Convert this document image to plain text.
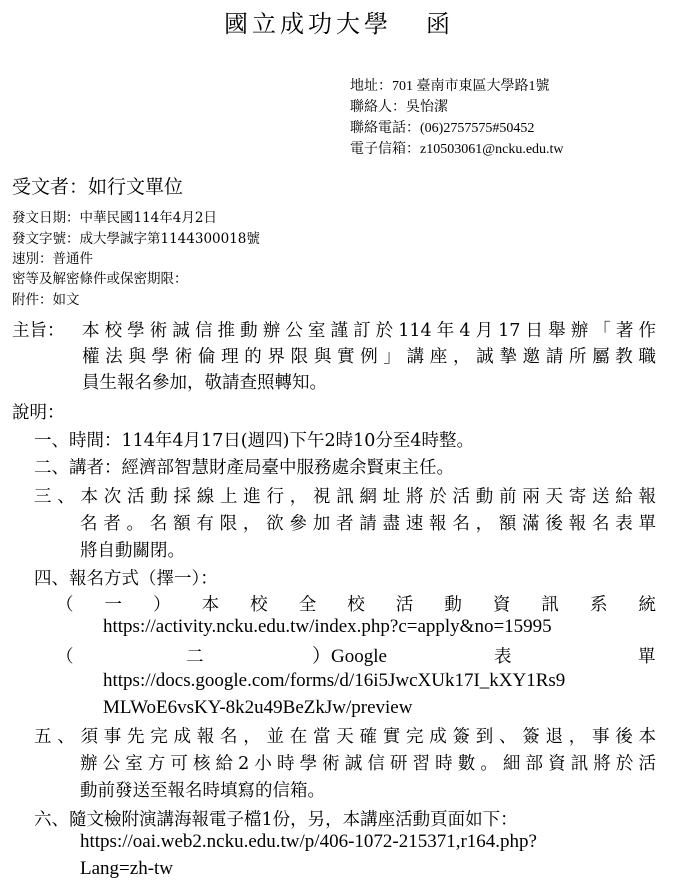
國立成功大學 函
地址：701 臺南市東區大學路1號
聯絡人：吳怡潔
聯絡電話：(06)2757575#50452
電子信箱：z10503061@ncku.edu.tw
受文者：如行文單位
發文日期：中華民國114年4月2日
發文字號：成大學誠字第1144300018號
速別：普通件
密等及解密條件或保密期限：
附件：如文
主旨： 本校學術誠信推動辦公室謹訂於114年4月17日舉辦「著作
權法與學術倫理的界限與實例」講座，誠摯邀請所屬教職
員生報名參加，敬請查照轉知。
說明：
一、時間：114年4月17日(週四)下午2時10分至4時整。
二、講者：經濟部智慧財產局臺中服務處余賢東主任。
三、本次活動採線上進行，視訊網址將於活動前兩天寄送給報
名者。名額有限，欲參加者請盡速報名，額滿後報名表單
將自動關閉。
四、報名方式（擇一）：
（一）本校全校活動資訊系統
https://activity.ncku.edu.tw/index.php?c=apply&no=15995
（	二	）Google	表	單
https://docs.google.com/forms/d/16i5JwcXUk17I_kXY1Rs9
MLWoE6vsKY-8k2u49BeZkJw/preview
五、須事先完成報名，並在當天確實完成簽到、簽退，事後本
辦公室方可核給2小時學術誠信研習時數。細部資訊將於活
動前發送至報名時填寫的信箱。
六、隨文檢附演講海報電子檔1份，另，本講座活動頁面如下：
https://oai.web2.ncku.edu.tw/p/406-1072-215371,r164.php?
Lang=zh-tw
